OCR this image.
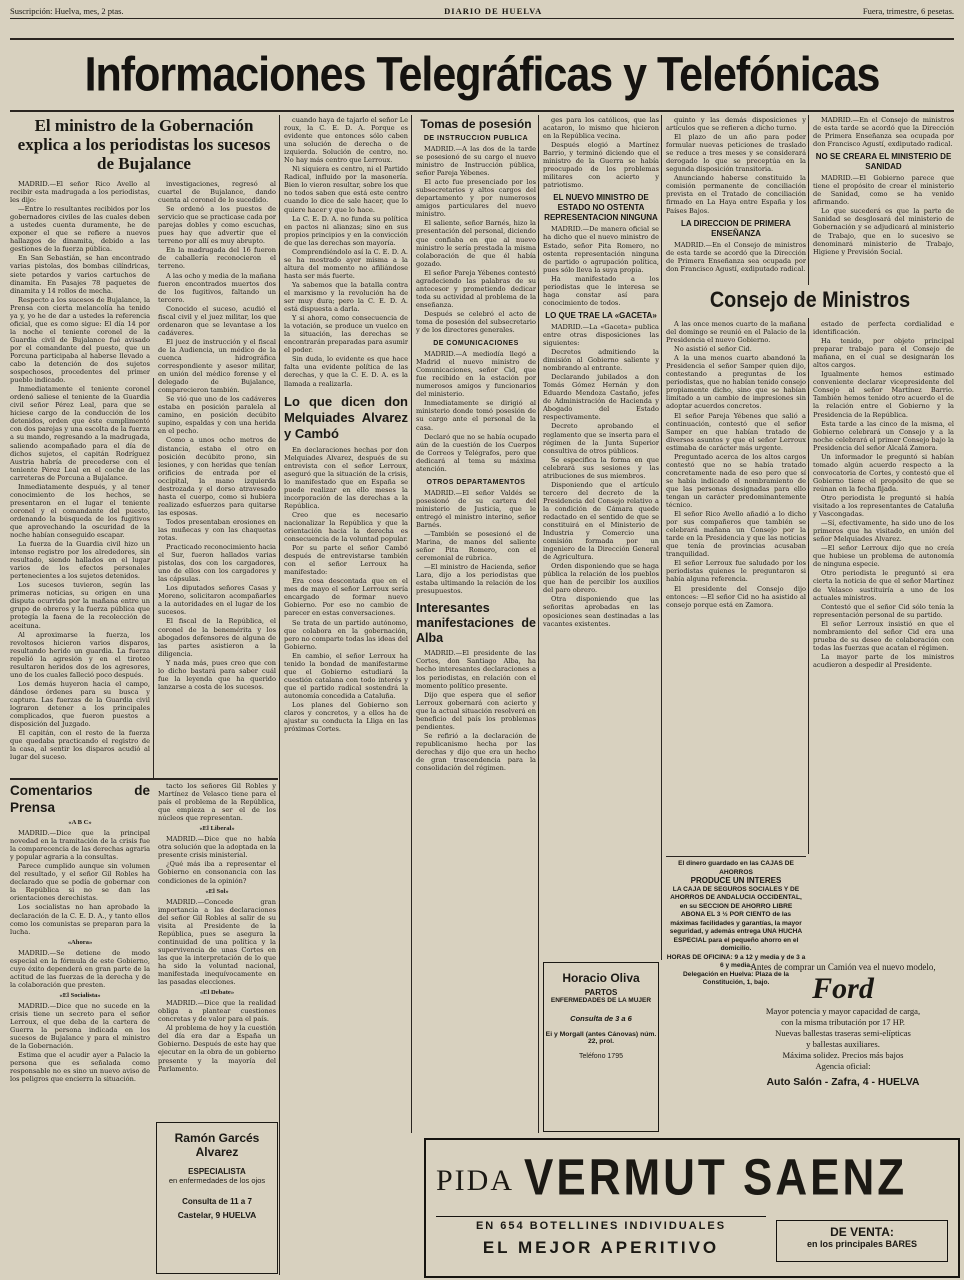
Suscripción: Huelva, mes, 2 ptas.	DIARIO DE HUELVA	Fuera, trimestre, 6 pesetas.
Informaciones Telegráficas y Telefónicas
El ministro de la Gobernación explica a los periodistas los sucesos de Bujalance

MADRID.—El señor Rico Avello al recibir esta madrugada a los periodistas, les dijo:

—Entre lo resultantes recibidos por los gobernadores civiles de las cuales deben a ustedes cuenta duramente, he de exponer el que se refiere a nuevos hallazgos de dinamita, debido a las gestiones de la fuerza pública.

En San Sebastián, se han encontrado varias pistolas, dos bombas cilíndricas, siete petardos y varios cartuchos de dinamita. En Pasajes 78 paquetes de dinamita y 14 rollos de mecha.

Respecto a los sucesos de Bujalance, la Prensa con cierta melancolía ha tenido ya y, yo he de dar a ustedes la referencia oficial, que es como sigue: El día 14 por la noche el teniente coronel de la Guardia civil de Bujalance fué avisado por el comandante del puesto, que un Porcuna participaba al haberse llevado a cabo la detención de dos sujetos sospechosos, procedentes del primer pueblo indicado.

Inmediatamente el teniente coronel ordenó saliese el teniente de la Guardia civil señor Pérez Leal, para que se hiciese cargo de la conducción de los detenidos, orden que éste cumplimentó con dos parejas y una escolta de la fuerza a su mando, regresando a la madrugada, saliendo acompañado para el día de dichos sujetos, el capitán Rodríguez Austria habría de precederse con el teniente Pérez Leal en el coche de las carreteras de Porcuna a Bujalance.

Inmediatamente después, y al tener conocimiento de los hechos, se presentaron en el lugar el teniente coronel y el comandante del puesto, ordenando la búsqueda de los fugitivos que aprovechando la oscuridad de la noche habían conseguido escapar.

La fuerza de la Guardia civil hizo un intenso registro por los alrededores, sin resultado, siendo hallados en el lugar varios de los efectos personales pertenecientes a los sujetos detenidos.

Los sucesos tuvieron, según las primeras noticias, su origen en una disputa ocurrida por la mañana entre un grupo de obreros y la fuerza pública que protegía la faena de la recolección de aceituna.

Al aproximarse la fuerza, los revoltosos hicieron varios disparos, resultando herido un guardia. La fuerza repelió la agresión y en el tiroteo resultaron heridos dos de los agresores, uno de los cuales falleció poco después.

Los demás huyeron hacia el campo, dándose órdenes para su busca y captura. Las fuerzas de la Guardia civil lograron detener a los principales complicados, que fueron puestos a disposición del Juzgado.

El capitán, con el resto de la fuerza que quedaba practicando el registro de la casa, al sentir los disparos acudió al lugar del suceso.

investigaciones, regresó al cuartel de Bujalance, dando cuenta al coronel de lo sucedido.

Se ordenó a los puestos de servicio que se practicase cada por parejas dobles y como escuchas, pues hay que advertir que el terreno por allí es muy abrupto.

En la madrugada del 16 fueron de caballería reconocieron el terreno.

A las ocho y media de la mañana fueron encontrados muertos dos de los fugitivos, faltando un tercero.

Conocido el suceso, acudió el fiscal civil y el juez militar, los que ordenaron que se levantase a los cadáveres.

El juez de instrucción y el fiscal de la Audiencia, un médico de la cuenca hidrográfica correspondiente y asesor militar, en unión del médico forense y el delegado de Bujalance, comparecieron también.

Se vió que uno de los cadáveres estaba en posición paralela al camino, en posición decúbito supino, espaldas y con una herida en el pecho.

Como a unos ocho metros de distancia, estaba el otro en posición decúbito prono, sin lesiones, y con heridas que tenían orificios de entrada por el occipital, la mano izquierda destrozada y el dorso atravesado hasta el cuerpo, como si hubiera realizado esfuerzos para quitarse las esposas.

Todos presentaban erosiones en las muñecas y con las chaquetas rotas.

Practicado reconocimiento hacia el Sur, fueron hallados varias pistolas, dos con los cargadores, uno de ellos con los cargadores y las cápsulas.

Los diputados señores Casas y Moreno, solicitaron acompañarles a la autoridades en el lugar de los sucesos.

El fiscal de la República, el coronel de la benemérita y los abogados defensores de alguna de las partes asistieron a la diligencia.

Y nada más, pues creo que con lo dicho bastará para saber cuál fue la leyenda que ha querido lanzarse a costa de los sucesos.

Comentarios de Prensa
«A B C»

MADRID.—Dice que la principal novedad en la tramitación de la crisis fue la comparecencia de las derechas agraria y popular agraria a la consultas.

Parece cumplido aunque sin volumen del resultado, y el señor Gil Robles ha declarado que se podía de gobernar con la República si no se dan las orientaciones derechistas.

Los socialistas no han aprobado la declaración de la C. E. D. A., y tanto ellos como los comunistas se preparan para la lucha.

«Ahora»

MADRID.—Se detiene de modo especial en la fórmula de este Gobierno, cuyo éxito dependerá en gran parte de la actitud de las fuerzas de la derecha y de la colaboración que presten.

«El Socialista»

MADRID.—Dice que no sucede en la crisis tiene un secreto para el señor Lerroux, el que deba de la cartera de Guerra la persona indicada en los sucesos de Bujalance y para el ministro de la Gobernación.

Estima que el acudir ayer a Palacio la persona que es señalada como responsable no es sino un nuevo aviso de los peligros que encierra la situación.

tacto los señores Gil Robles y Martínez de Velasco tiene para el país el problema de la República, que empieza a ser el de los núcleos que representan.

«El Liberal»

MADRID.—Dice que no había otra solución que la adoptada en la presente crisis ministerial.

¿Qué más iba a representar el Gobierno en consonancia con las condiciones de la opinión?

«El Sol»

MADRID.—Concede gran importancia a las declaraciones del señor Gil Robles al salir de su visita al Presidente de la República, pues se asegura la continuidad de una política y la supervivencia de unas Cortes en las que la interpretación de lo que ha sido la voluntad nacional, manifestada inequívocamente en las pasadas elecciones.

«El Debate»

MADRID.—Dice que la realidad obliga a plantear cuestiones concretas y de valor para el país.

Al problema de hoy y la cuestión del día era dar a España un Gobierno. Después de este hay que ejecutar en la obra de un gobierno presente y la mayoría del Parlamento.

Ramón Garcés
Alvarez
ESPECIALISTA
en enfermedades de los ojos
Consulta de 11 a 7
Castelar, 9 HUELVA

cuando haya de tajarlo el señor Le roux, la C. E. D. A. Porque es evidente que entonces sólo caben una solución de derecha o de izquierda. Solución de centro, no. No hay más centro que Lerroux.

Ni siquiera es centro, ni el Partido Radical, influido por la masonería. Bien lo vieron resultar, sobre los que no todos saben que está este centro cuando lo dice de sale hacer, que lo quiere hacer y que lo hace.

La C. E. D. A. no funda su política en pactos ni alianzas; sino en sus propios principios y en la convicción de que las derechas son mayoría.

Comprendiéndolo así la C. E. D. A. se ha mostrado ayer misma a la altura del momento no afiliándose hasta ser más fuerte.

Ya sabemos que la batalla contra el marxismo y la revolución ha de ser muy dura; pero la C. E. D. A. está dispuesta a darla.

Y si ahora, como consecuencia de la votación, se produce un vuelco en la situación, las derechas se encontrarán preparadas para asumir el poder.

Sin duda, lo evidente es que hace falta una evidente política de las derechas, y que la C. E. D. A. es la llamada a realizarla.

Lo que dicen don Melquiades Alvarez y Cambó

En declaraciones hechas por don Melquiades Alvarez, después de su entrevista con el señor Lerroux, aseguró que la situación de la crisis, lo manifestado que en España se puede realizar en ello meses la incorporación de las derechas a la República.

Creo que es necesario nacionalizar la República y que la orientación hacia la derecha es consecuencia de la voluntad popular.

Por su parte el señor Cambó después de entrevistarse también con el señor Lerroux ha manifestado:

Era cosa descontada que en el mes de mayo el señor Lerroux sería encargado de formar nuevo Gobierno. Por eso no cambio de parecer en estas conversaciones.

Se trata de un partido autónomo, que colabora en la gobernación, pero no comparte todas las ideas del Gobierno.

En cambio, el señor Lerroux ha tenido la bondad de manifestarme que el Gobierno estudiará la cuestión catalana con todo interés y que el partido radical sostendrá la autonomía concedida a Cataluña.

Los planes del Gobierno son claros y concretos, y a ellos ha de ajustar su conducta la Lliga en las próximas Cortes.

Tomas de posesión
DE INSTRUCCION PUBLICA

MADRID.—A las dos de la tarde se posesionó de su cargo el nuevo ministro de Instrucción pública, señor Pareja Yébenes.

El acto fue presenciado por los subsecretarios y altos cargos del departamento y por numerosos amigos particulares del nuevo ministro.

El saliente, señor Barnés, hizo la presentación del personal, diciendo que confiaba en que al nuevo ministro le sería prestada la misma colaboración de que él había gozado.

El señor Pareja Yébenes contestó agradeciendo las palabras de su antecesor y prometiendo dedicar toda su actividad al problema de la enseñanza.

Después se celebró el acto de toma de posesión del subsecretario y de los directores generales.

DE COMUNICACIONES

MADRID.—A mediodía llegó a Madrid el nuevo ministro de Comunicaciones, señor Cid, que fue recibido en la estación por numerosos amigos y funcionarios del ministerio.

Inmediatamente se dirigió al ministerio donde tomó posesión de su cargo ante el personal de la casa.

Declaró que no se había ocupado aún de la cuestión de los Cuerpos de Correos y Telégrafos, pero que dedicará al tema su máxima atención.

OTROS DEPARTAMENTOS

MADRID.—El señor Valdés se posesionó de su cartera del ministerio de Justicia, que le entregó el ministro interino, señor Barnés.

—También se posesionó el de Marina, de manos del saliente señor Pita Romero, con el ceremonial de rúbrica.

—El ministro de Hacienda, señor Lara, dijo a los periodistas que estaba ultimando la relación de los presupuestos.

Interesantes manifestaciones de Alba

MADRID.—El presidente de las Cortes, don Santiago Alba, ha hecho interesantes declaraciones a los periodistas, en relación con el momento político presente.

Dijo que espera que el señor Lerroux gobernará con acierto y que la actual situación resolverá en beneficio del país los problemas pendientes.

Se refirió a la declaración de republicanismo hecha por las derechas y dijo que era un hecho de gran trascendencia para la consolidación del régimen.

ges para los católicos, que las acataron, lo mismo que hicieron en la República vecina.

Después elogió a Martínez Barrio, y terminó diciendo que el ministro de la Guerra se había preocupado de los problemas militares con acierto y patriotismo.

EL NUEVO MINISTRO DE ESTADO NO OSTENTA REPRESENTACION NINGUNA

MADRID.—De manera oficial se ha dicho que el nuevo ministro de Estado, señor Pita Romero, no ostenta representación ninguna de partido o agrupación política, pues sólo lleva la suya propia.

Ha manifestado a los periodistas que le interesa se haga constar así para conocimiento de todos.

LO QUE TRAE LA «GACETA»

MADRID.—La «Gaceta» publica entre otras disposiciones las siguientes:

Decretos admitiendo la dimisión al Gobierno saliente y nombrando al entrante.

Declarando jubilados a don Tomás Gómez Hernán y don Eduardo Mendoza Castaño, jefes de Administración de Hacienda y Abogado del Estado respectivamente.

Decreto aprobando el reglamento que se inserta para el régimen de la Junta Superior consultiva de otros públicos.

Se especifica la forma en que celebrará sus sesiones y las atribuciones de sus miembros.

Disponiendo que el artículo tercero del decreto de la Presidencia del Consejo relativo a la condición de Cámara quede redactado en el sentido de que se constituirá en el Ministerio de Industria y Comercio una comisión formada por un ingeniero de la Dirección General de Agricultura.

Orden disponiendo que se haga pública la relación de los pueblos que han de percibir los auxilios del paro obrero.

Otra disponiendo que las señoritas aprobadas en las oposiciones sean destinadas a las vacantes existentes.

Horacio Oliva
PARTOS
ENFERMEDADES DE LA MUJER
Consulta de 3 a 6
Ei y Morgall (antes Cánovas) núm. 22, prol.
Teléfono 1795

quinto y las demás disposiciones y artículos que se refieren a dicho turno.

El plazo de un año para poder formular nuevas peticiones de traslado se reduce a tres meses y se considerará derogado lo que se preceptúa en la segunda disposición transitoria.

Anunciando haberse constituido la comisión permanente de conciliación prevista en el Tratado de conciliación firmado en La Haya entre España y los Países Bajos.

LA DIRECCION DE PRIMERA ENSEÑANZA

MADRID.—En el Consejo de ministros de esta tarde se acordó que la Dirección de Primera Enseñanza sea ocupada por don Francisco Agustí, exdiputado radical.

MADRID.—En el Consejo de ministros de esta tarde se acordó que la Dirección de Primera Enseñanza sea ocupada por don Francisco Agustí, exdiputado radical.

NO SE CREARA EL MINISTERIO DE SANIDAD

MADRID.—El Gobierno parece que tiene el propósito de crear el ministerio de Sanidad, como se ha venido afirmando.

Lo que sucederá es que la parte de Sanidad se desglosará del ministerio de Gobernación y se adjudicará al ministerio de Trabajo, que en lo sucesivo se denominará ministerio de Trabajo, Higiene y Previsión Social.

Consejo de Ministros

A las once menos cuarto de la mañana del domingo se reunió en el Palacio de la Presidencia el nuevo Gobierno.

No asistió el señor Cid.

A la una menos cuarto abandonó la Presidencia el señor Samper quien dijo, contestando a preguntas de los periodistas, que no habían tenido consejo propiamente dicho, sino que se habían limitado a un cambio de impresiones sin adoptar acuerdos concretos.

El señor Pareja Yébenes que salió a continuación, contestó que el señor Samper en que habían tratado de diversos asuntos y que el señor Lerroux estimaba de carácter más urgente.

Preguntado acerca de los altos cargos contestó que no se había tratado concretamente nada de eso pero que sí se había indicado el nombramiento de que las personas designadas para ello tengan un carácter predominantemente técnico.

El señor Rico Avello añadió a lo dicho por sus compañeros que también se celebrará mañana un Consejo por la tarde en la Presidencia y que las noticias que tenía de provincias acusaban tranquilidad.

El señor Lerroux fue saludado por los periodistas quienes le preguntaron si había alguna referencia.

El presidente del Consejo dijo entonces: —El señor Cid no ha asistido al consejo porque está en Zamora.

estado de perfecta cordialidad e identificación.

Ha tenido, por objeto principal preparar trabajo para el Consejo de mañana, en el cual se designarán los altos cargos.

Igualmente hemos estimado conveniente declarar vicepresidente del Consejo al señor Martínez Barrio. También hemos tenido otro acuerdo el de la relación entre el Gobierno y la Presidencia de la República.

Esta tarde a las cinco de la misma, el Gobierno celebrará un Consejo y a la noche celebrará el primer Consejo bajo la Presidencia del señor Alcalá Zamora.

Un informador le preguntó si habían tomado algún acuerdo respecto a la convocatoria de Cortes, y contestó que el Gobierno tiene el propósito de que se reúnan en la fecha fijada.

Otro periodista le preguntó si había visitado a los representantes de Cataluña y Vascongadas.

—Sí, efectivamente, ha sido uno de los primeros que ha visitado, en unión del señor Melquiades Alvarez.

—El señor Lerroux dijo que no creía que hubiese un problema de autonomía de ninguna especie.

Otro periodista le preguntó si era cierta la noticia de que el señor Martínez de Velasco sustituiría a uno de los actuales ministros.

Contestó que el señor Cid sólo tenía la representación personal de su partido.

El señor Lerroux insistió en que el nombramiento del señor Cid era una prueba de su deseo de colaboración con todas las fuerzas que acatan el régimen.

La mayor parte de los ministros acudieron a despedir al Presidente.

El dinero guardado en las CAJAS DE AHORROS
PRODUCE UN INTERES
LA CAJA DE SEGUROS SOCIALES Y DE AHORROS DE ANDALUCIA OCCIDENTAL, en su SECCION DE AHORRO LIBRE
ABONA EL 3 ½ POR CIENTO de las máximas facilidades y garantías, la mayor seguridad, y además entrega UNA HUCHA ESPECIAL para el pequeño ahorro en el domicilio.
HORAS DE OFICINA: 9 a 12 y media y de 3 a 6 y media.
Delegación en Huelva: Plaza de la Constitución, 1, bajo.
Antes de comprar un Camión vea el nuevo modelo,
Ford
Mayor potencia y mayor capacidad de carga,
con la misma tributación por 17 HP.
Nuevas ballestas traseras semi-elípticas
y ballestas auxiliares.
Máxima solidez. Precios más bajos
Agencia oficial:
Auto Salón - Zafra, 4 - HUELVA
PIDA VERMUT SAENZ
EN 654 BOTELLINES INDIVIDUALES
EL MEJOR APERITIVO
DE VENTA:
en los principales BARES
